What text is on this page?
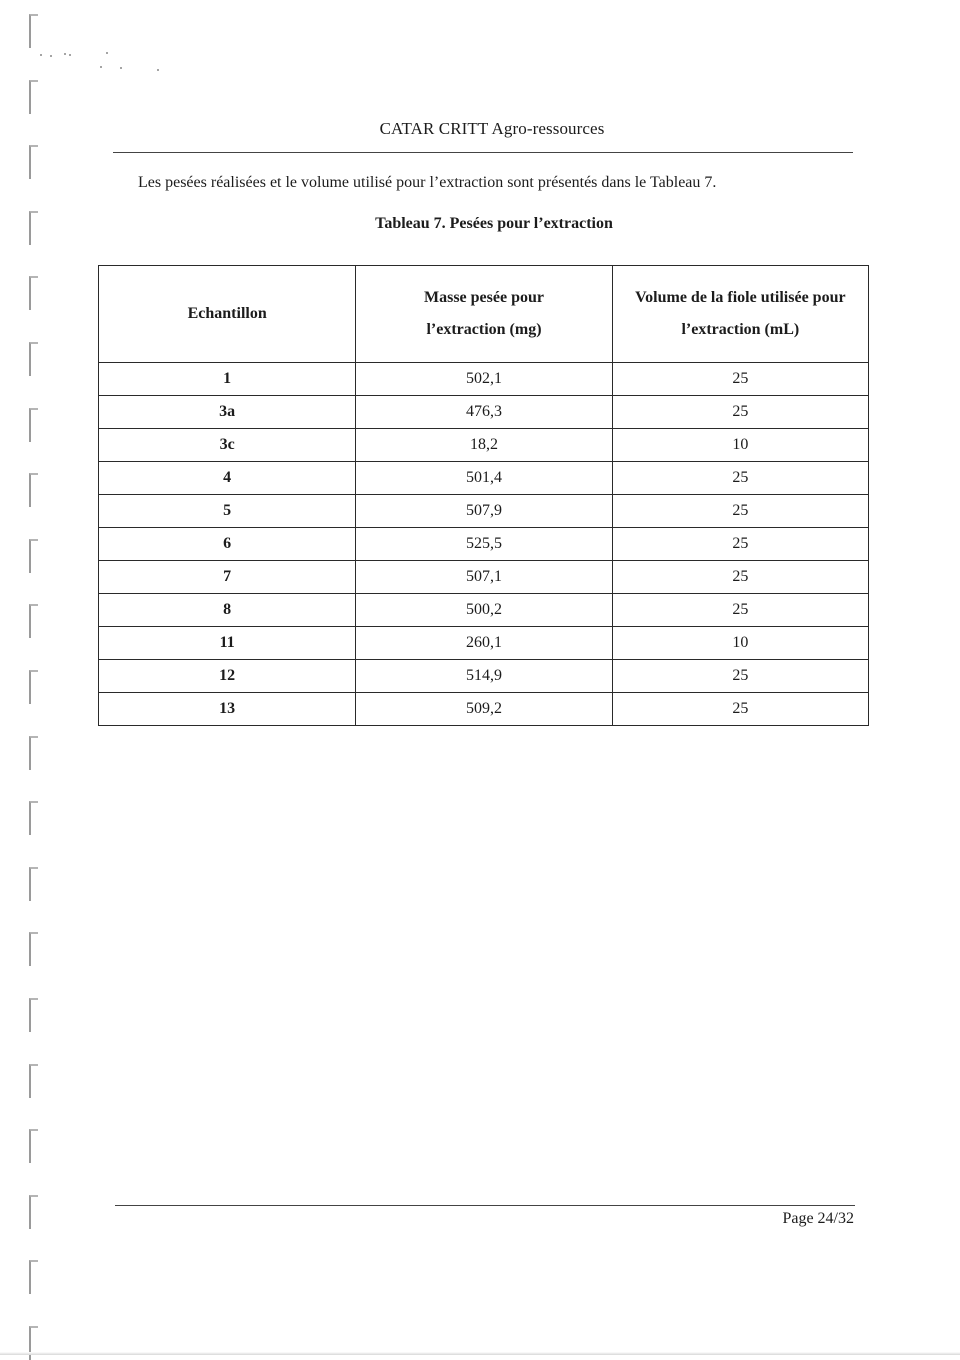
CATAR CRITT Agro-ressources
Les pesées réalisées et le volume utilisé pour l’extraction sont présentés dans le Tableau 7.
Tableau 7. Pesées pour l’extraction
Echantillon	Masse pesée pour l’extraction (mg)	Volume de la fiole utilisée pour l’extraction (mL)
1	502,1	25
3a	476,3	25
3c	18,2	10
4	501,4	25
5	507,9	25
6	525,5	25
7	507,1	25
8	500,2	25
11	260,1	10
12	514,9	25
13	509,2	25
Page 24/32
